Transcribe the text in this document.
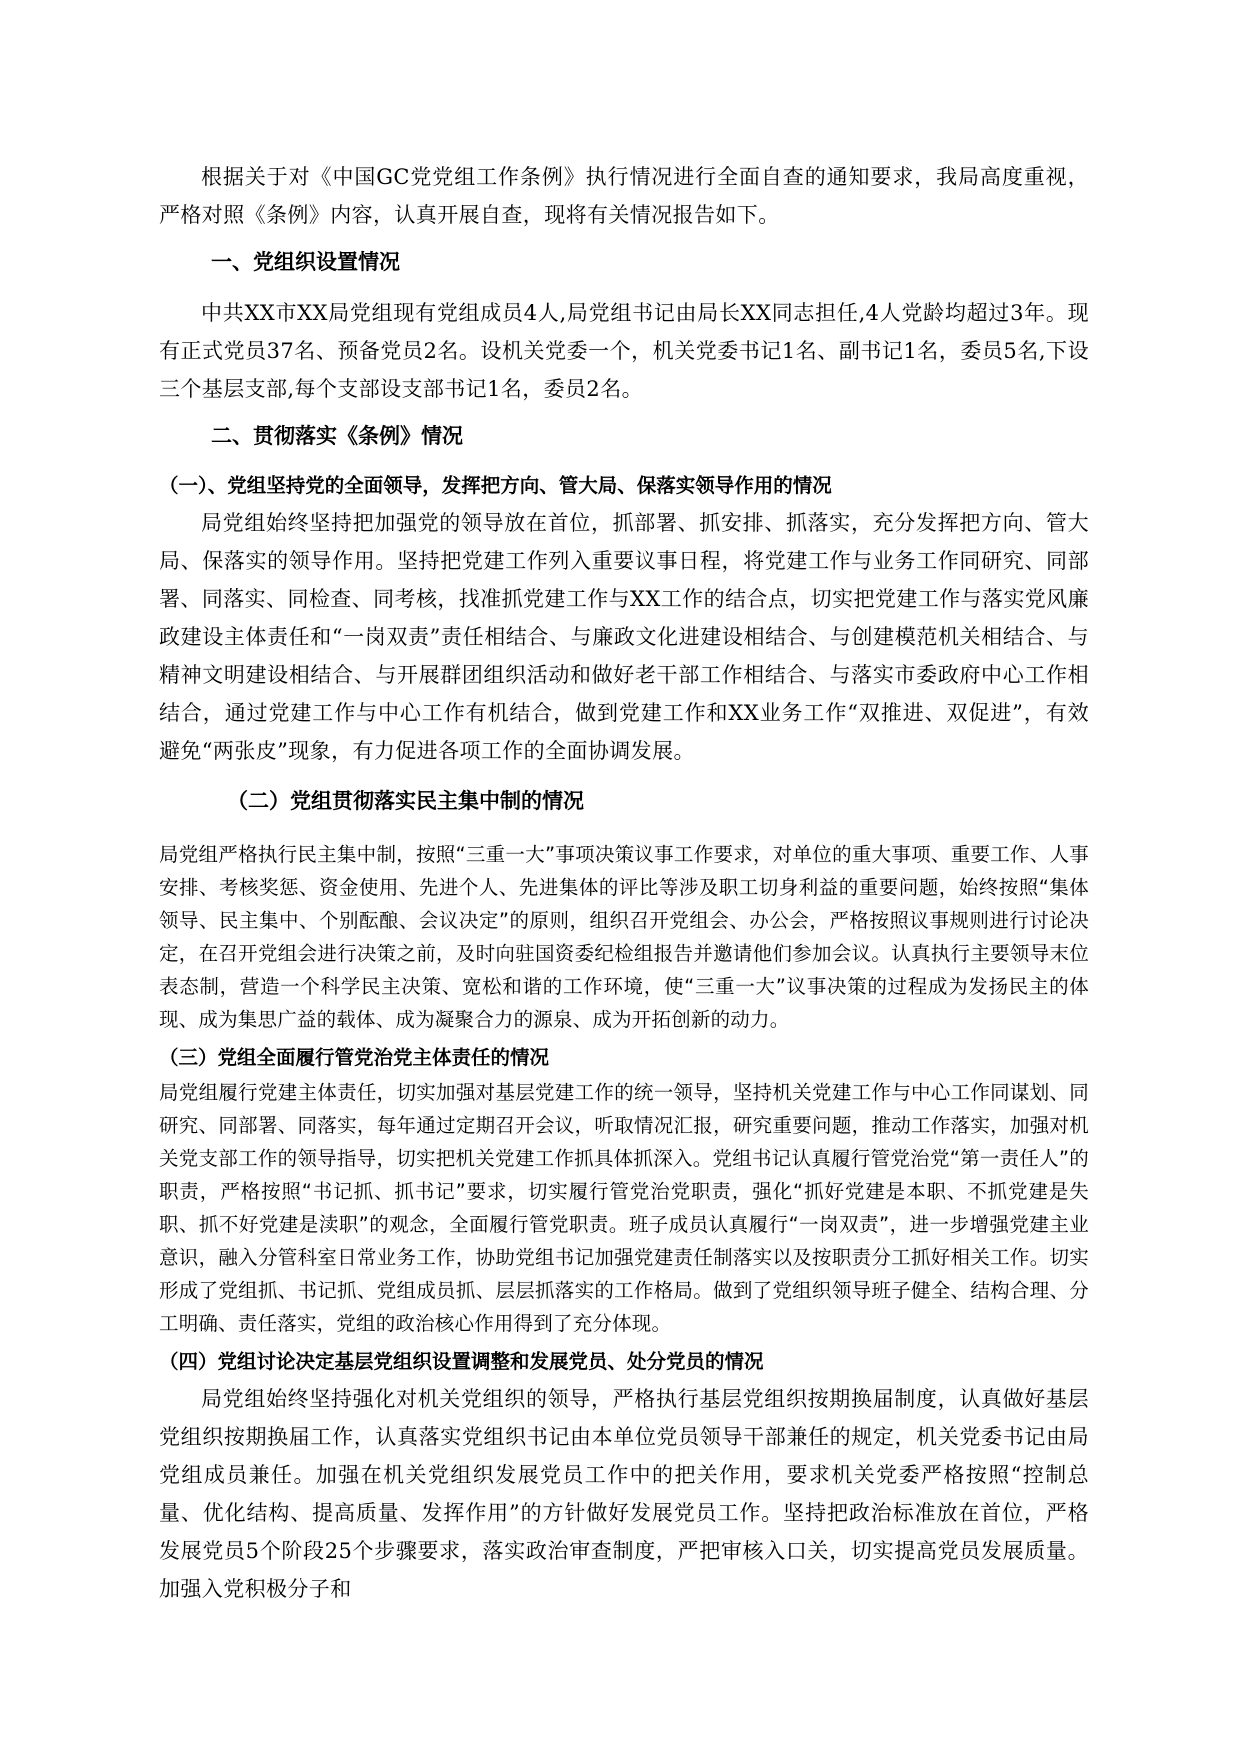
根据关于对《中国GC党党组工作条例》执行情况进行全面自查的通知要求，我局高度重视，严格对照《条例》内容，认真开展自查，现将有关情况报告如下。

一、党组织设置情况

中共XX市XX局党组现有党组成员4人,局党组书记由局长XX同志担任,4人党龄均超过3年。现有正式党员37名、预备党员2名。设机关党委一个，机关党委书记1名、副书记1名，委员5名,下设三个基层支部,每个支部设支部书记1名，委员2名。

二、贯彻落实《条例》情况

（一）、党组坚持党的全面领导，发挥把方向、管大局、保落实领导作用的情况

局党组始终坚持把加强党的领导放在首位，抓部署、抓安排、抓落实，充分发挥把方向、管大局、保落实的领导作用。坚持把党建工作列入重要议事日程，将党建工作与业务工作同研究、同部署、同落实、同检查、同考核，找准抓党建工作与XX工作的结合点，切实把党建工作与落实党风廉政建设主体责任和“一岗双责”责任相结合、与廉政文化进建设相结合、与创建模范机关相结合、与精神文明建设相结合、与开展群团组织活动和做好老干部工作相结合、与落实市委政府中心工作相结合，通过党建工作与中心工作有机结合，做到党建工作和XX业务工作“双推进、双促进”，有效避免“两张皮”现象，有力促进各项工作的全面协调发展。

（二）党组贯彻落实民主集中制的情况

局党组严格执行民主集中制，按照“三重一大”事项决策议事工作要求，对单位的重大事项、重要工作、人事安排、考核奖惩、资金使用、先进个人、先进集体的评比等涉及职工切身利益的重要问题，始终按照“集体领导、民主集中、个别酝酿、会议决定”的原则，组织召开党组会、办公会，严格按照议事规则进行讨论决定，在召开党组会进行决策之前，及时向驻国资委纪检组报告并邀请他们参加会议。认真执行主要领导末位表态制，营造一个科学民主决策、宽松和谐的工作环境，使“三重一大”议事决策的过程成为发扬民主的体现、成为集思广益的载体、成为凝聚合力的源泉、成为开拓创新的动力。

（三）党组全面履行管党治党主体责任的情况

局党组履行党建主体责任，切实加强对基层党建工作的统一领导，坚持机关党建工作与中心工作同谋划、同研究、同部署、同落实，每年通过定期召开会议，听取情况汇报，研究重要问题，推动工作落实，加强对机关党支部工作的领导指导，切实把机关党建工作抓具体抓深入。党组书记认真履行管党治党“第一责任人”的职责，严格按照“书记抓、抓书记”要求，切实履行管党治党职责，强化“抓好党建是本职、不抓党建是失职、抓不好党建是渎职”的观念，全面履行管党职责。班子成员认真履行“一岗双责”，进一步增强党建主业意识，融入分管科室日常业务工作，协助党组书记加强党建责任制落实以及按职责分工抓好相关工作。切实形成了党组抓、书记抓、党组成员抓、层层抓落实的工作格局。做到了党组织领导班子健全、结构合理、分工明确、责任落实，党组的政治核心作用得到了充分体现。

（四）党组讨论决定基层党组织设置调整和发展党员、处分党员的情况

局党组始终坚持强化对机关党组织的领导，严格执行基层党组织按期换届制度，认真做好基层党组织按期换届工作，认真落实党组织书记由本单位党员领导干部兼任的规定，机关党委书记由局党组成员兼任。加强在机关党组织发展党员工作中的把关作用，要求机关党委严格按照“控制总量、优化结构、提高质量、发挥作用”的方针做好发展党员工作。坚持把政治标准放在首位，严格发展党员5个阶段25个步骤要求，落实政治审查制度，严把审核入口关，切实提高党员发展质量。加强入党积极分子和
